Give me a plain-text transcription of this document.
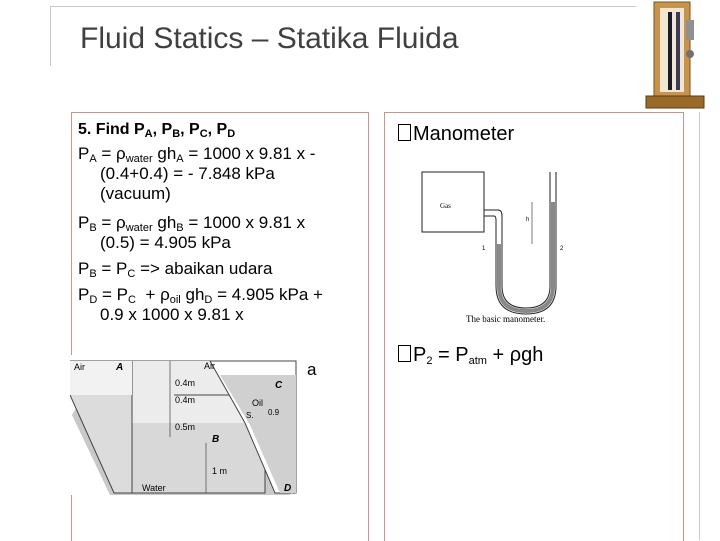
Fluid Statics – Statika Fluida

5. Find $P_A$, $P_B$, $P_C$, $P_D$

$P_A = \rho_{water}$ $gh_A = 1000$ x 9.81 x -

(0.4+0.4) = - 7.848 kPa

(vacuum)

$P_B = \rho_{water}$ $gh_B = 1000$ x 9.81 x

(0.5) = 4.905 kPa

$P_B = P_C$ => abaikan udara

$P_D = P_C + \rho_{oil}$ $gh_D = 4.905$ kPa +

0.9 x 1000 x 9.81 x

a
Manometer
$P_2 = P_{atm} + \rho gh$
Gas
h
1	2
The basic manometer.
Air	A	Air
C
0.4m
0.4m
0.5m
Oil
S. 0.9
B
1 m
Water	D
